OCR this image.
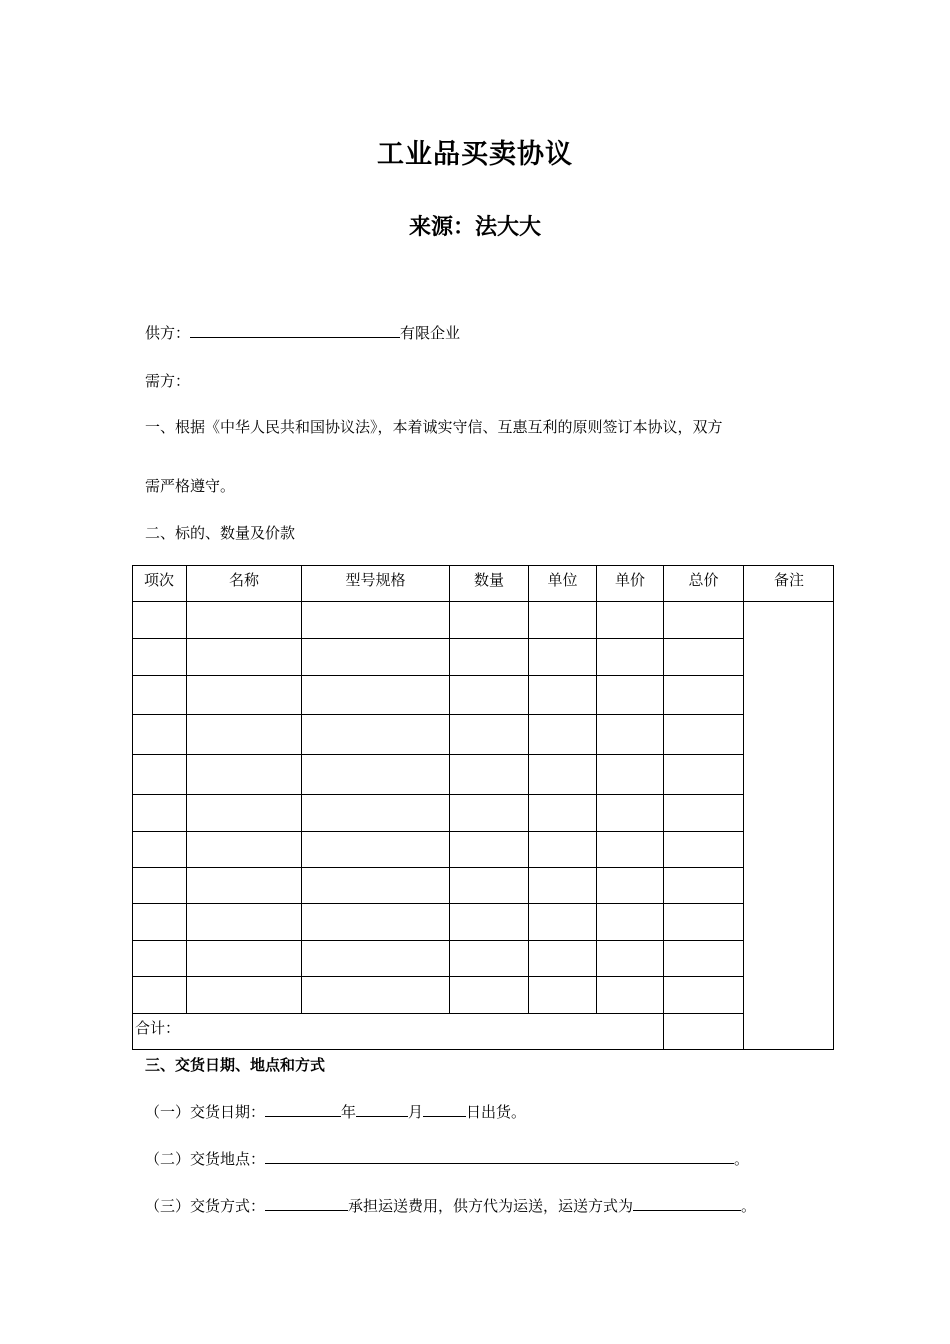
工业品买卖协议
来源：法大大
供方：	有限企业
需方：
一、根据《中华人民共和国协议法》，本着诚实守信、互惠互利的原则签订本协议，双方
需严格遵守。
二、标的、数量及价款
项次	名称	型号规格	数量	单位	单价	总价	备注
合计：
三、交货日期、地点和方式
（一）交货日期：	年	月	日出货。
（二）交货地点：	。
（三）交货方式：	承担运送费用，供方代为运送，运送方式为	。
